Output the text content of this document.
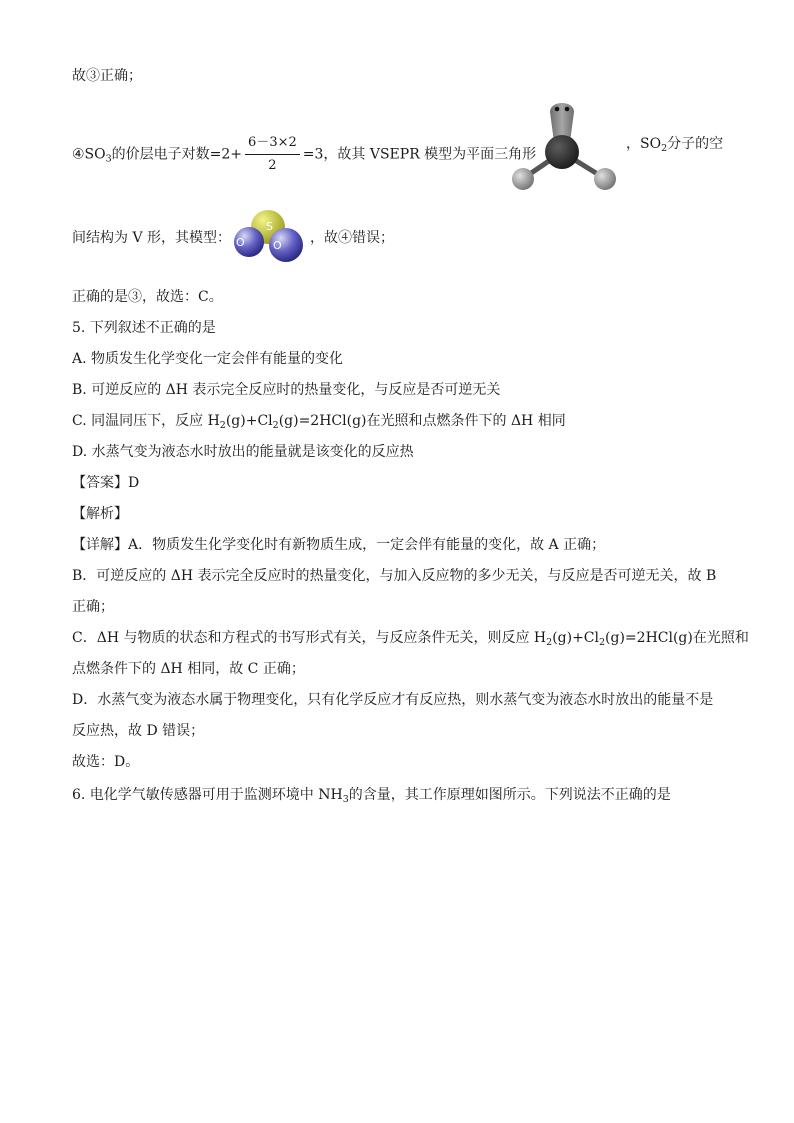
故③正确；
$④SO_3$的价层电子对数$=2+ \frac{6-3\times 2}{2} =3$，故其 VSEPR 模型为平面三角形
，$SO_2$分子的空
间结构为 V 形，其模型：
S
O	O ，故④错误；
正确的是③，故选：C。
5. 下列叙述不正确的是
A. 物质发生化学变化一定会伴有能量的变化
B. 可逆反应的 ΔH 表示完全反应时的热量变化，与反应是否可逆无关
C. 同温同压下，反应 $H_2(g)+Cl_2(g)=2HCl(g)$在光照和点燃条件下的 ΔH 相同
D. 水蒸气变为液态水时放出的能量就是该变化的反应热
【答案】D
【解析】
【详解】A．物质发生化学变化时有新物质生成，一定会伴有能量的变化，故 A 正确；
B．可逆反应的 ΔH 表示完全反应时的热量变化，与加入反应物的多少无关，与反应是否可逆无关，故 B
正确；
C．ΔH 与物质的状态和方程式的书写形式有关，与反应条件无关，则反应 $H_2(g)+Cl_2(g)=2HCl(g)$在光照和
点燃条件下的 ΔH 相同，故 C 正确；
D．水蒸气变为液态水属于物理变化，只有化学反应才有反应热，则水蒸气变为液态水时放出的能量不是
反应热，故 D 错误；
故选：D。
6. 电化学气敏传感器可用于监测环境中 $NH_3$的含量，其工作原理如图所示。下列说法不正确的是
